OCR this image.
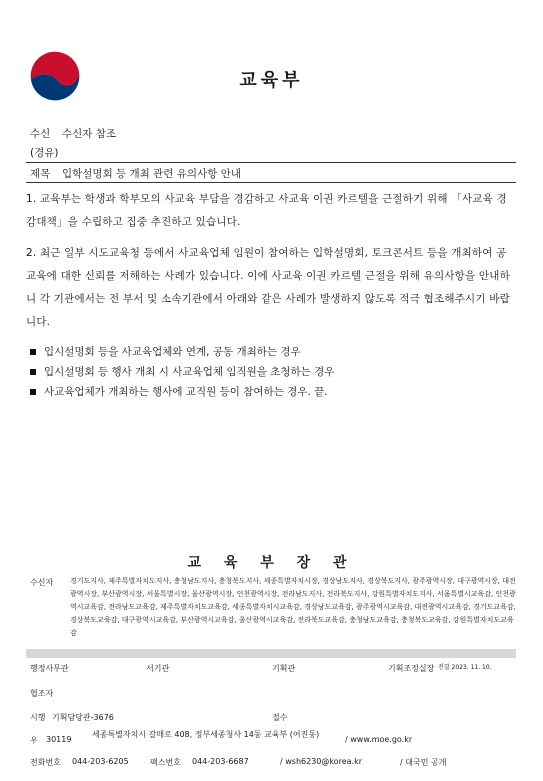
교육부
수신 수신자 참조
(경유)
제목 입학설명회 등 개최 관련 유의사항 안내
1. 교육부는 학생과 학부모의 사교육 부담을 경감하고 사교육 이권 카르텔을 근절하기 위해 「사교육 경감대책」을 수립하고 집중 추진하고 있습니다.
2. 최근 일부 시도교육청 등에서 사교육업체 임원이 참여하는 입학설명회, 토크콘서트 등을 개최하여 공교육에 대한 신뢰를 저해하는 사례가 있습니다. 이에 사교육 이권 카르텔 근절을 위해 유의사항을 안내하니 각 기관에서는 전 부서 및 소속기관에서 아래와 같은 사례가 발생하지 않도록 적극 협조해주시기 바랍니다.
입시설명회 등을 사교육업체와 연계, 공동 개최하는 경우
입시설명회 등 행사 개최 시 사교육업체 임직원을 초청하는 경우
사교육업체가 개최하는 행사에 교직원 등이 참여하는 경우. 끝.
교 육 부 장 관
수신자 경기도지사, 제주특별자치도지사, 충청남도지사, 충청북도지사, 세종특별자치시장, 경상남도지사, 경상북도지사, 광주광역시장, 대구광역시장, 대전광역시장, 부산광역시장, 서울특별시장, 울산광역시장, 인천광역시장, 전라남도지사, 전라북도지사, 강원특별자치도지사, 서울특별시교육감, 인천광역시교육감, 전라남도교육감, 제주특별자치도교육감, 세종특별자치시교육감, 경상남도교육감, 광주광역시교육감, 대전광역시교육감, 경기도교육감, 경상북도교육감, 대구광역시교육감, 부산광역시교육감, 울산광역시교육감, 전라북도교육감, 충청남도교육감, 충청북도교육감, 강원특별자치도교육감
행정사무관	서기관	기획관	기획조정실장 전결 2023. 11. 10.
협조자
시행 기획담당관-3676	접수
우 30119
세종특별자치시 갈매로 408, 정부세종청사 14동 교육부 (어진동)
/ www.moe.go.kr
전화번호 044-203-6205	팩스번호 044-203-6687	/ wsh6230@korea.kr	/ 대국민 공개
